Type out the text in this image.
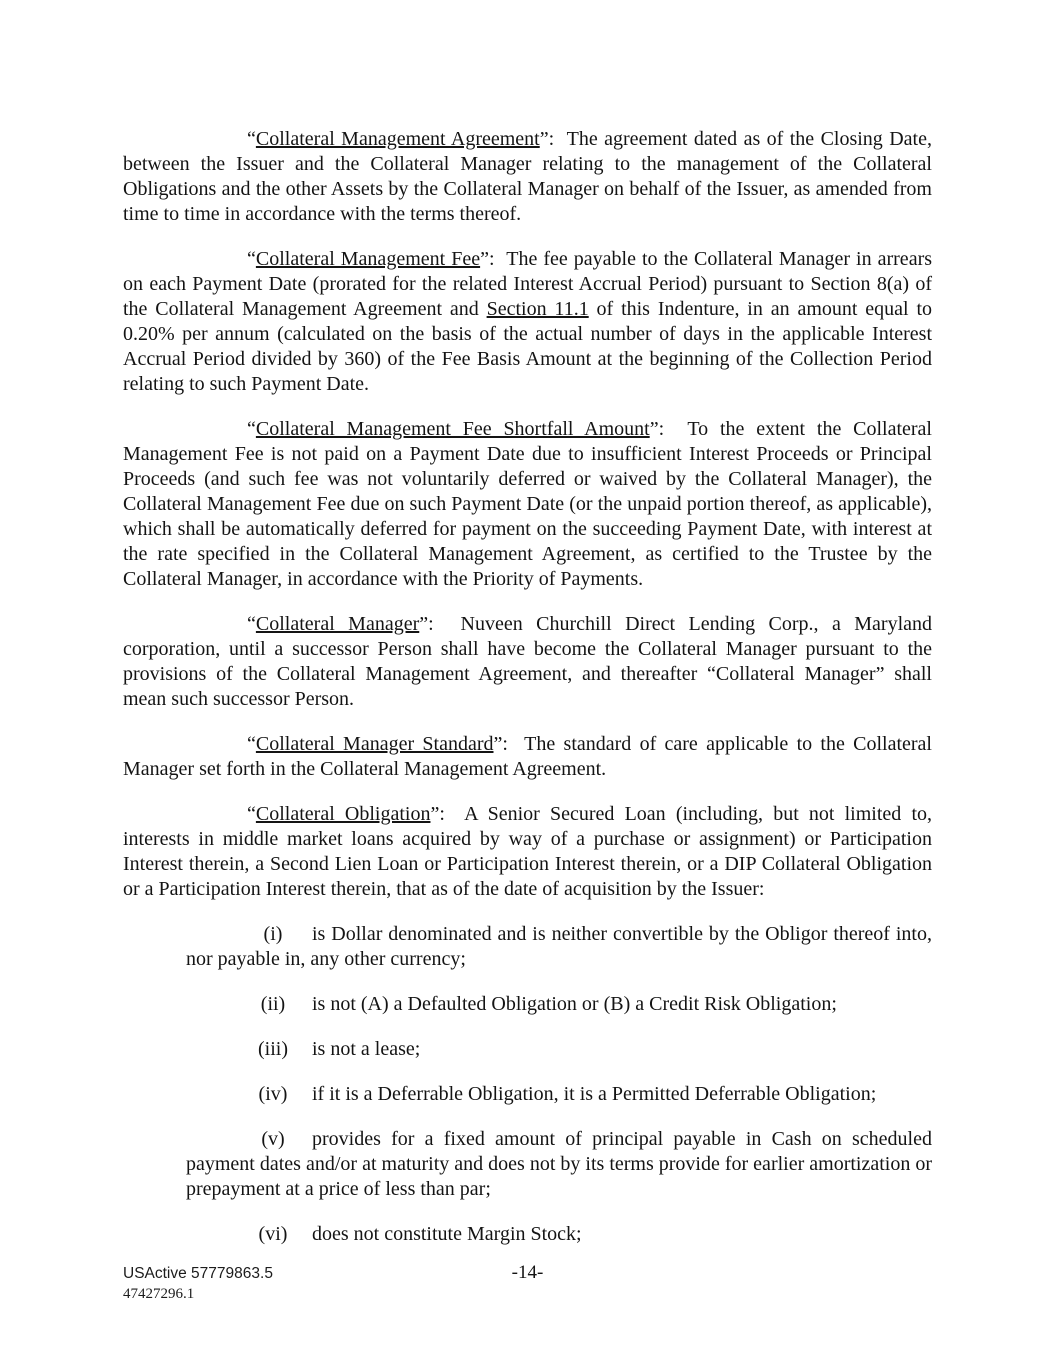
“Collateral Management Agreement”:  The agreement dated as of the Closing Date, between the Issuer and the Collateral Manager relating to the management of the Collateral Obligations and the other Assets by the Collateral Manager on behalf of the Issuer, as amended from time to time in accordance with the terms thereof.

“Collateral Management Fee”:  The fee payable to the Collateral Manager in arrears on each Payment Date (prorated for the related Interest Accrual Period) pursuant to Section 8(a) of the Collateral Management Agreement and Section 11.1 of this Indenture, in an amount equal to 0.20% per annum (calculated on the basis of the actual number of days in the applicable Interest Accrual Period divided by 360) of the Fee Basis Amount at the beginning of the Collection Period relating to such Payment Date.

“Collateral Management Fee Shortfall Amount”:  To the extent the Collateral Management Fee is not paid on a Payment Date due to insufficient Interest Proceeds or Principal Proceeds (and such fee was not voluntarily deferred or waived by the Collateral Manager), the Collateral Management Fee due on such Payment Date (or the unpaid portion thereof, as applicable), which shall be automatically deferred for payment on the succeeding Payment Date, with interest at the rate specified in the Collateral Management Agreement, as certified to the Trustee by the Collateral Manager, in accordance with the Priority of Payments.

“Collateral Manager”:  Nuveen Churchill Direct Lending Corp., a Maryland corporation, until a successor Person shall have become the Collateral Manager pursuant to the provisions of the Collateral Management Agreement, and thereafter “Collateral Manager” shall mean such successor Person.

“Collateral Manager Standard”:  The standard of care applicable to the Collateral Manager set forth in the Collateral Management Agreement.

“Collateral Obligation”:  A Senior Secured Loan (including, but not limited to, interests in middle market loans acquired by way of a purchase or assignment) or Participation Interest therein, a Second Lien Loan or Participation Interest therein, or a DIP Collateral Obligation or a Participation Interest therein, that as of the date of acquisition by the Issuer:

(i) is Dollar denominated and is neither convertible by the Obligor thereof into, nor payable in, any other currency;
(ii) is not (A) a Defaulted Obligation or (B) a Credit Risk Obligation;
(iii) is not a lease;
(iv) if it is a Deferrable Obligation, it is a Permitted Deferrable Obligation;
(v) provides for a fixed amount of principal payable in Cash on scheduled payment dates and/or at maturity and does not by its terms provide for earlier amortization or prepayment at a price of less than par;
(vi) does not constitute Margin Stock;
USActive 57779863.5
47427296.1
-14-
